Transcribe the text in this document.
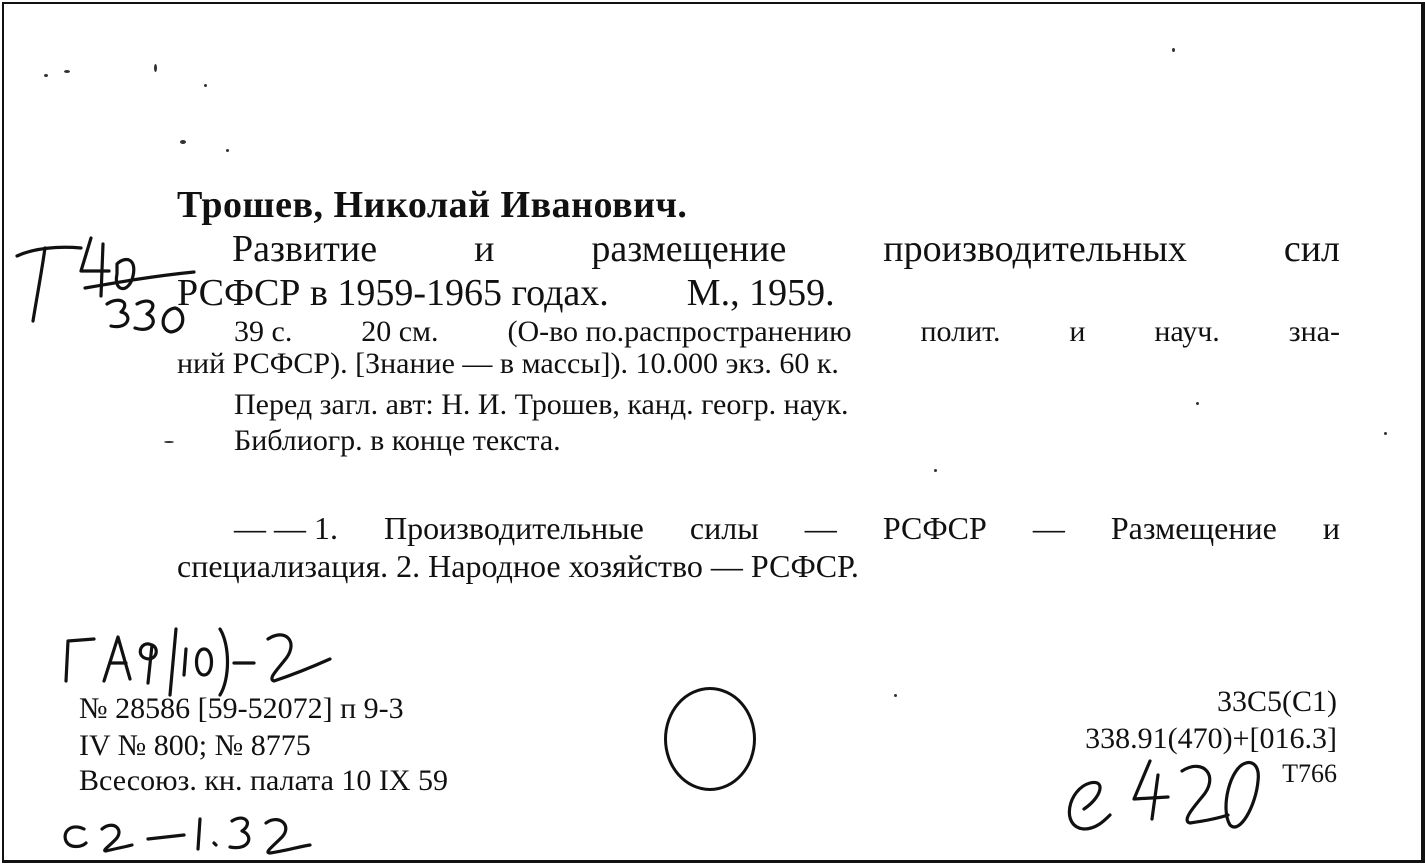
Трошев, Николай Иванович.
Развитие	и	размещение	производительных	сил
РСФСР в 1959-1965 годах. М., 1959.
39 с. 20 см. (О-во по.распространению полит. и науч. зна-
ний РСФСР). [Знание — в массы]). 10.000 экз. 60 к.
Перед загл. авт: Н. И. Трошев, канд. геогр. наук.
Библиогр. в конце текста.
— — 1. Производительные силы — РСФСР — Размещение и
специализация. 2. Народное хозяйство — РСФСР.
№ 28586 [59-52072] п 9-3
IV № 800; № 8775
Всесоюз. кн. палата 10 IX 59
33С5(С1)
338.91(470)+[016.3]
Т766
